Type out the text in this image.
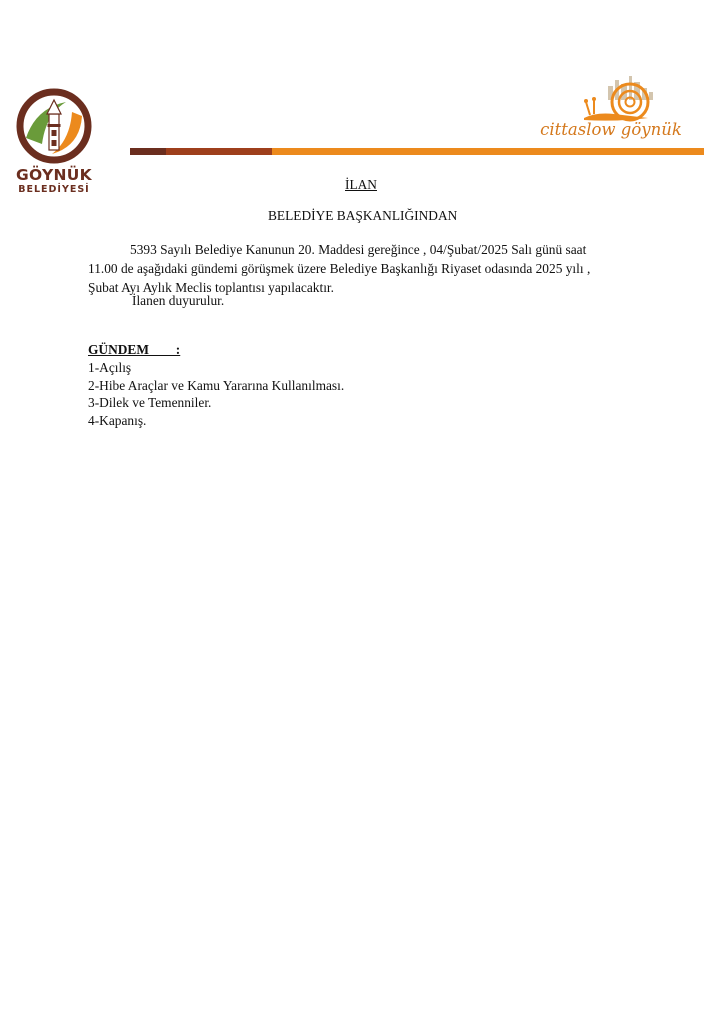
GÖYNÜK
BELEDİYESİ
cittaslow göynük
İLAN
BELEDİYE BAŞKANLIĞINDAN
5393 Sayılı Belediye Kanunun 20. Maddesi gereğince , 04/Şubat/2025 Salı günü saat
11.00 de aşağıdaki gündemi görüşmek üzere Belediye Başkanlığı Riyaset odasında 2025 yılı ,
Şubat Ayı Aylık Meclis toplantısı yapılacaktır.
İlanen duyurulur.
GÜNDEM        :
1-Açılış
2-Hibe Araçlar ve Kamu Yararına Kullanılması.
3-Dilek ve Temenniler.
4-Kapanış.
